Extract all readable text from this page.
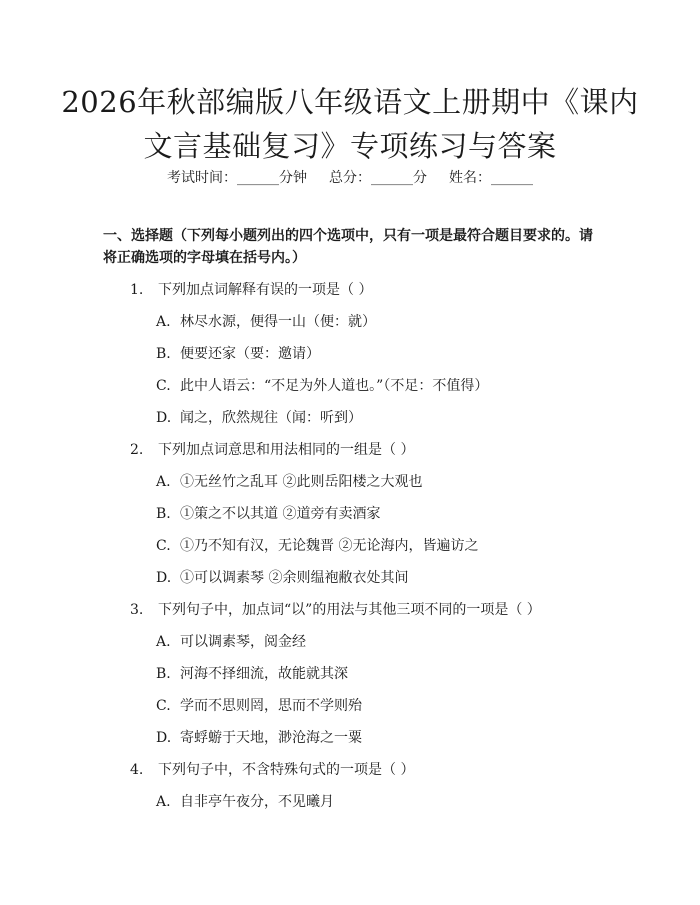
2026年秋部编版八年级语文上册期中《课内
文言基础复习》专项练习与答案
考试时间：______分钟 总分：______分 姓名：______
一、选择题（下列每小题列出的四个选项中，只有一项是最符合题目要求的。请将正确选项的字母填在括号内。）
1. 下列加点词解释有误的一项是（ ）
A. 林尽水源，便得一山（便：就）
B. 便要还家（要：邀请）
C. 此中人语云：“不足为外人道也。”（不足：不值得）
D. 闻之，欣然规往（闻：听到）
2. 下列加点词意思和用法相同的一组是（ ）
A. ①无丝竹之乱耳 ②此则岳阳楼之大观也
B. ①策之不以其道 ②道旁有卖酒家
C. ①乃不知有汉，无论魏晋 ②无论海内，皆遍访之
D. ①可以调素琴 ②余则缊袍敝衣处其间
3. 下列句子中，加点词“以”的用法与其他三项不同的一项是（ ）
A. 可以调素琴，阅金经
B. 河海不择细流，故能就其深
C. 学而不思则罔，思而不学则殆
D. 寄蜉蝣于天地，渺沧海之一粟
4. 下列句子中，不含特殊句式的一项是（ ）
A. 自非亭午夜分，不见曦月
